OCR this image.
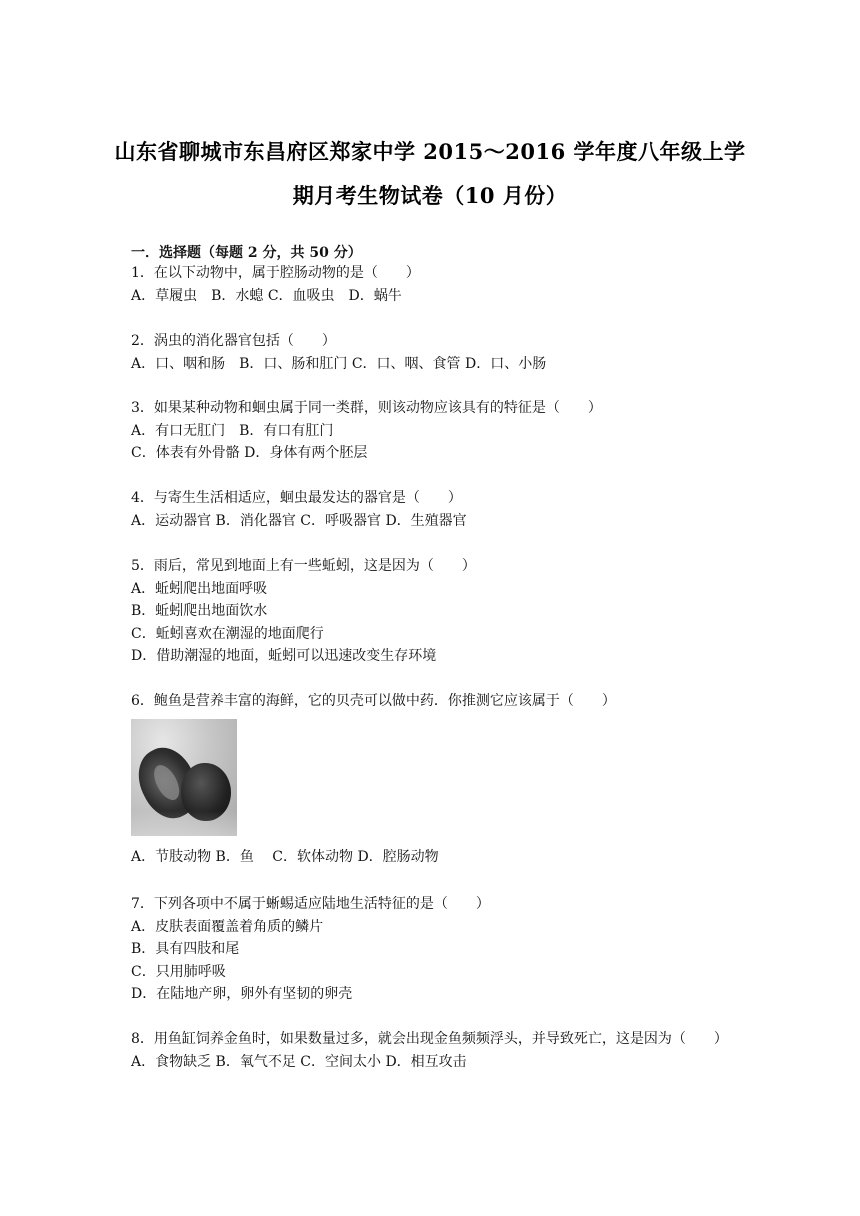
山东省聊城市东昌府区郑家中学 2015～2016 学年度八年级上学
期月考生物试卷（10 月份）
一．选择题（每题 2 分，共 50 分）
1．在以下动物中，属于腔肠动物的是（　　）
A．草履虫　B．水螅 C．血吸虫　D．蜗牛
2．涡虫的消化器官包括（　　）
A．口、咽和肠　B．口、肠和肛门 C．口、咽、食管 D．口、小肠
3．如果某种动物和蛔虫属于同一类群，则该动物应该具有的特征是（　　）
A．有口无肛门　B．有口有肛门
C．体表有外骨骼 D．身体有两个胚层
4．与寄生生活相适应，蛔虫最发达的器官是（　　）
A．运动器官 B．消化器官 C．呼吸器官 D．生殖器官
5．雨后，常见到地面上有一些蚯蚓，这是因为（　　）
A．蚯蚓爬出地面呼吸
B．蚯蚓爬出地面饮水
C．蚯蚓喜欢在潮湿的地面爬行
D．借助潮湿的地面，蚯蚓可以迅速改变生存环境
6．鲍鱼是营养丰富的海鲜，它的贝壳可以做中药．你推测它应该属于（　　）
A．节肢动物 B．鱼　 C．软体动物 D．腔肠动物
7．下列各项中不属于蜥蜴适应陆地生活特征的是（　　）
A．皮肤表面覆盖着角质的鳞片
B．具有四肢和尾
C．只用肺呼吸
D．在陆地产卵，卵外有坚韧的卵壳
8．用鱼缸饲养金鱼时，如果数量过多，就会出现金鱼频频浮头，并导致死亡，这是因为（　　）
A．食物缺乏 B．氧气不足 C．空间太小 D．相互攻击
